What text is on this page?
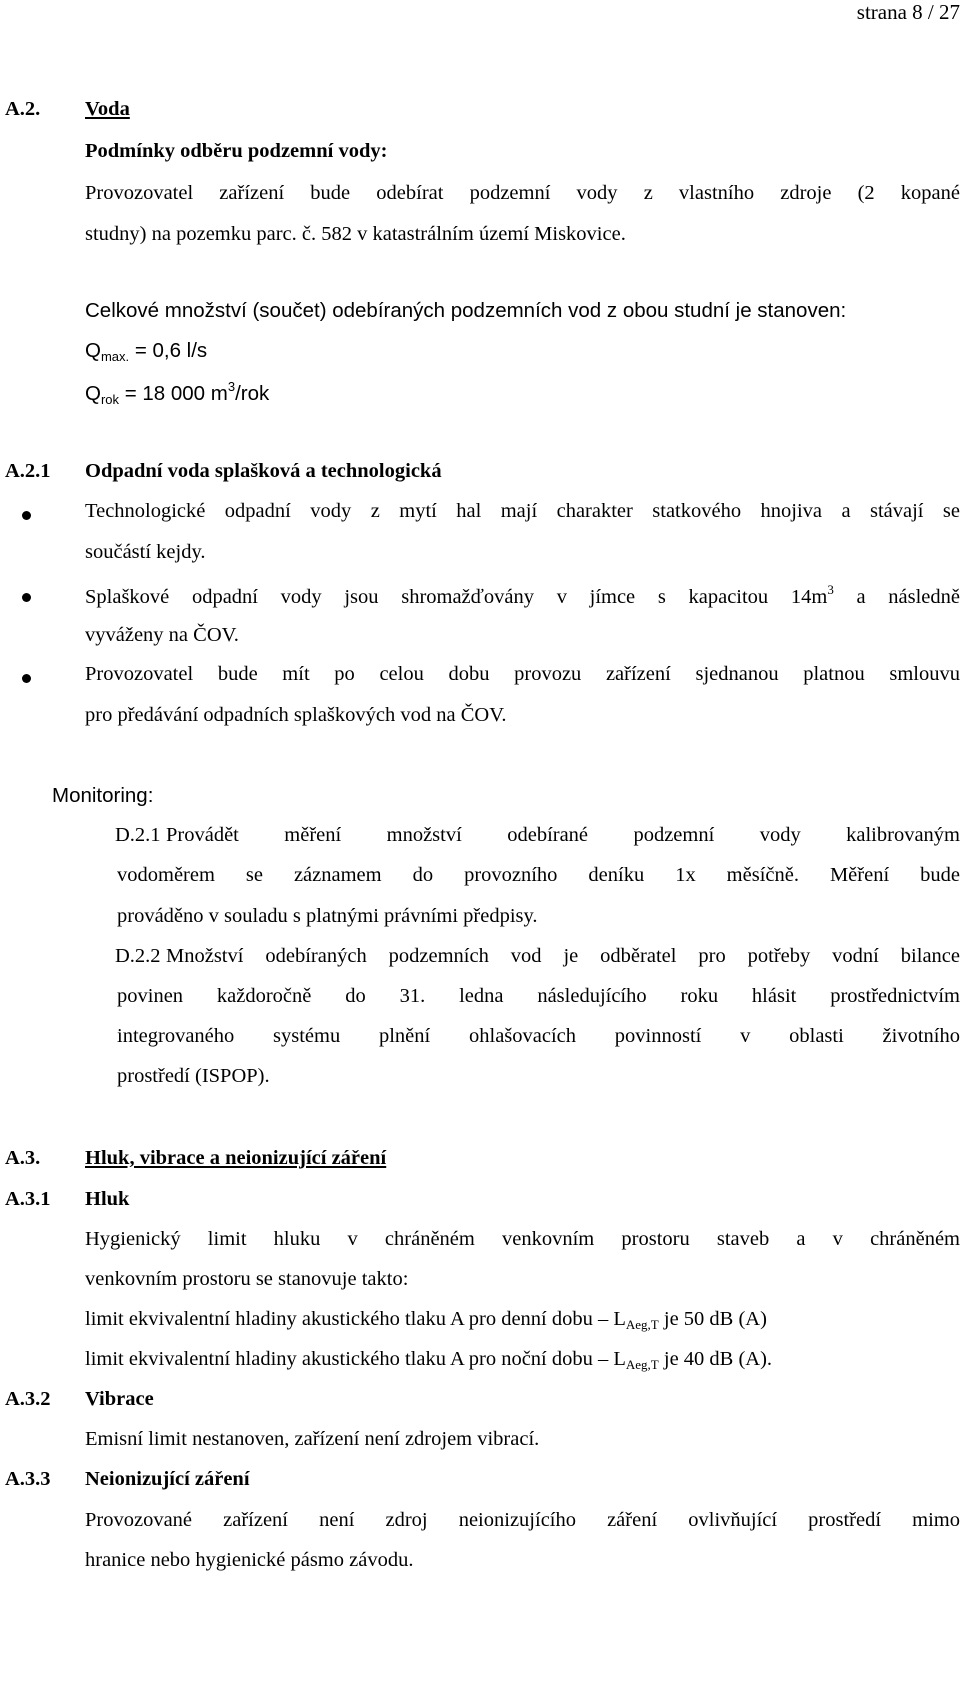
strana 8 / 27
A.2. Voda
Podmínky odběru podzemní vody:
Provozovatel zařízení bude odebírat podzemní vody z vlastního zdroje (2 kopané
studny) na pozemku parc. č. 582 v katastrálním území Miskovice.
Celkové množství (součet) odebíraných podzemních vod z obou studní je stanoven:
$Q_{max.} = 0,6$ l/s
$Q_{rok} = 18$ 000 $m^3$/rok
A.2.1 Odpadní voda splašková a technologická
Technologické odpadní vody z mytí hal mají charakter statkového hnojiva a stávají se
součástí kejdy.
Splaškové odpadní vody jsou shromažďovány v jímce s kapacitou $14m^3$ a následně
vyváženy na ČOV.
Provozovatel bude mít po celou dobu provozu zařízení sjednanou platnou smlouvu
pro předávání odpadních splaškových vod na ČOV.
Monitoring:
D.2.1 Provádět měření množství odebírané podzemní vody kalibrovaným
vodoměrem se záznamem do provozního deníku 1x měsíčně. Měření bude
prováděno v souladu s platnými právními předpisy.
D.2.2 Množství odebíraných podzemních vod je odběratel pro potřeby vodní bilance
povinen každoročně do 31. ledna následujícího roku hlásit prostřednictvím
integrovaného systému plnění ohlašovacích povinností v oblasti životního
prostředí (ISPOP).
A.3. Hluk, vibrace a neionizující záření
A.3.1 Hluk
Hygienický limit hluku v chráněném venkovním prostoru staveb a v chráněném
venkovním prostoru se stanovuje takto:
limit ekvivalentní hladiny akustického tlaku A pro denní dobu – $L_{Aeg,T}$ je 50 dB (A)
limit ekvivalentní hladiny akustického tlaku A pro noční dobu – $L_{Aeg,T}$ je 40 dB (A).
A.3.2 Vibrace
Emisní limit nestanoven, zařízení není zdrojem vibrací.
A.3.3 Neionizující záření
Provozované zařízení není zdroj neionizujícího záření ovlivňující prostředí mimo
hranice nebo hygienické pásmo závodu.
